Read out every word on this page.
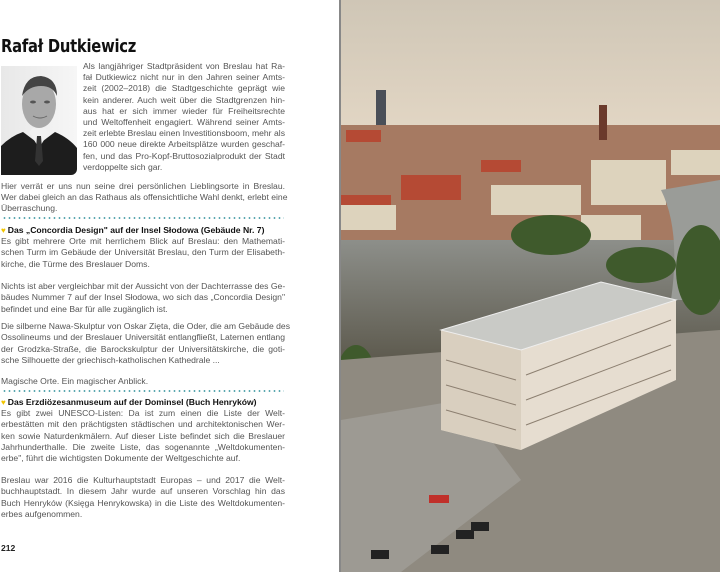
Rafał Dutkiewicz
Als langjähriger Stadtpräsident von Breslau hat Ra-
fał Dutkiewicz nicht nur in den Jahren seiner Amts-
zeit (2002–2018) die Stadtgeschichte geprägt wie
kein anderer. Auch weit über die Stadtgrenzen hin-
aus hat er sich immer wieder für Freiheitsrechte
und Weltoffenheit engagiert. Während seiner Amts-
zeit erlebte Breslau einen Investitionsboom, mehr als
160 000 neue direkte Arbeitsplätze wurden geschaf-
fen, und das Pro-Kopf-Bruttosozialprodukt der Stadt
verdoppelte sich gar.
Hier verrät er uns nun seine drei persönlichen Lieblingsorte in Breslau.
Wer dabei gleich an das Rathaus als offensichtliche Wahl denkt, erlebt eine
Überraschung.
♥ Das „Concordia Design" auf der Insel Słodowa (Gebäude Nr. 7)
♥ Das Erzdiözesanmuseum auf der Dominsel (Buch Henryków)
Es gibt mehrere Orte mit herrlichem Blick auf Breslau: den Mathemati-
schen Turm im Gebäude der Universität Breslau, den Turm der Elisabeth-
kirche, die Türme des Breslauer Doms.
Nichts ist aber vergleichbar mit der Aussicht von der Dachterrasse des Ge-
bäudes Nummer 7 auf der Insel Słodowa, wo sich das „Concordia Design"
befindet und eine Bar für alle zugänglich ist.
Die silberne Nawa-Skulptur von Oskar Zięta, die Oder, die am Gebäude des
Ossolineums und der Breslauer Universität entlangfließt, Laternen entlang
der Grodzka-Straße, die Barockskulptur der Universitätskirche, die goti-
sche Silhouette der griechisch-katholischen Kathedrale ...
Magische Orte. Ein magischer Anblick.
Es gibt zwei UNESCO-Listen: Da ist zum einen die Liste der Welt-
erbestätten mit den prächtigsten städtischen und architektonischen Wer-
ken sowie Naturdenkmälern. Auf dieser Liste befindet sich die Breslauer
Jahrhunderthalle. Die zweite Liste, das sogenannte „Weltdokumenten-
erbe", führt die wichtigsten Dokumente der Weltgeschichte auf.
Breslau war 2016 die Kulturhauptstadt Europas – und 2017 die Welt-
buchhauptstadt. In diesem Jahr wurde auf unseren Vorschlag hin das
Buch Henryków (Księga Henrykowska) in die Liste des Weltdokumenten-
erbes aufgenommen.
212
